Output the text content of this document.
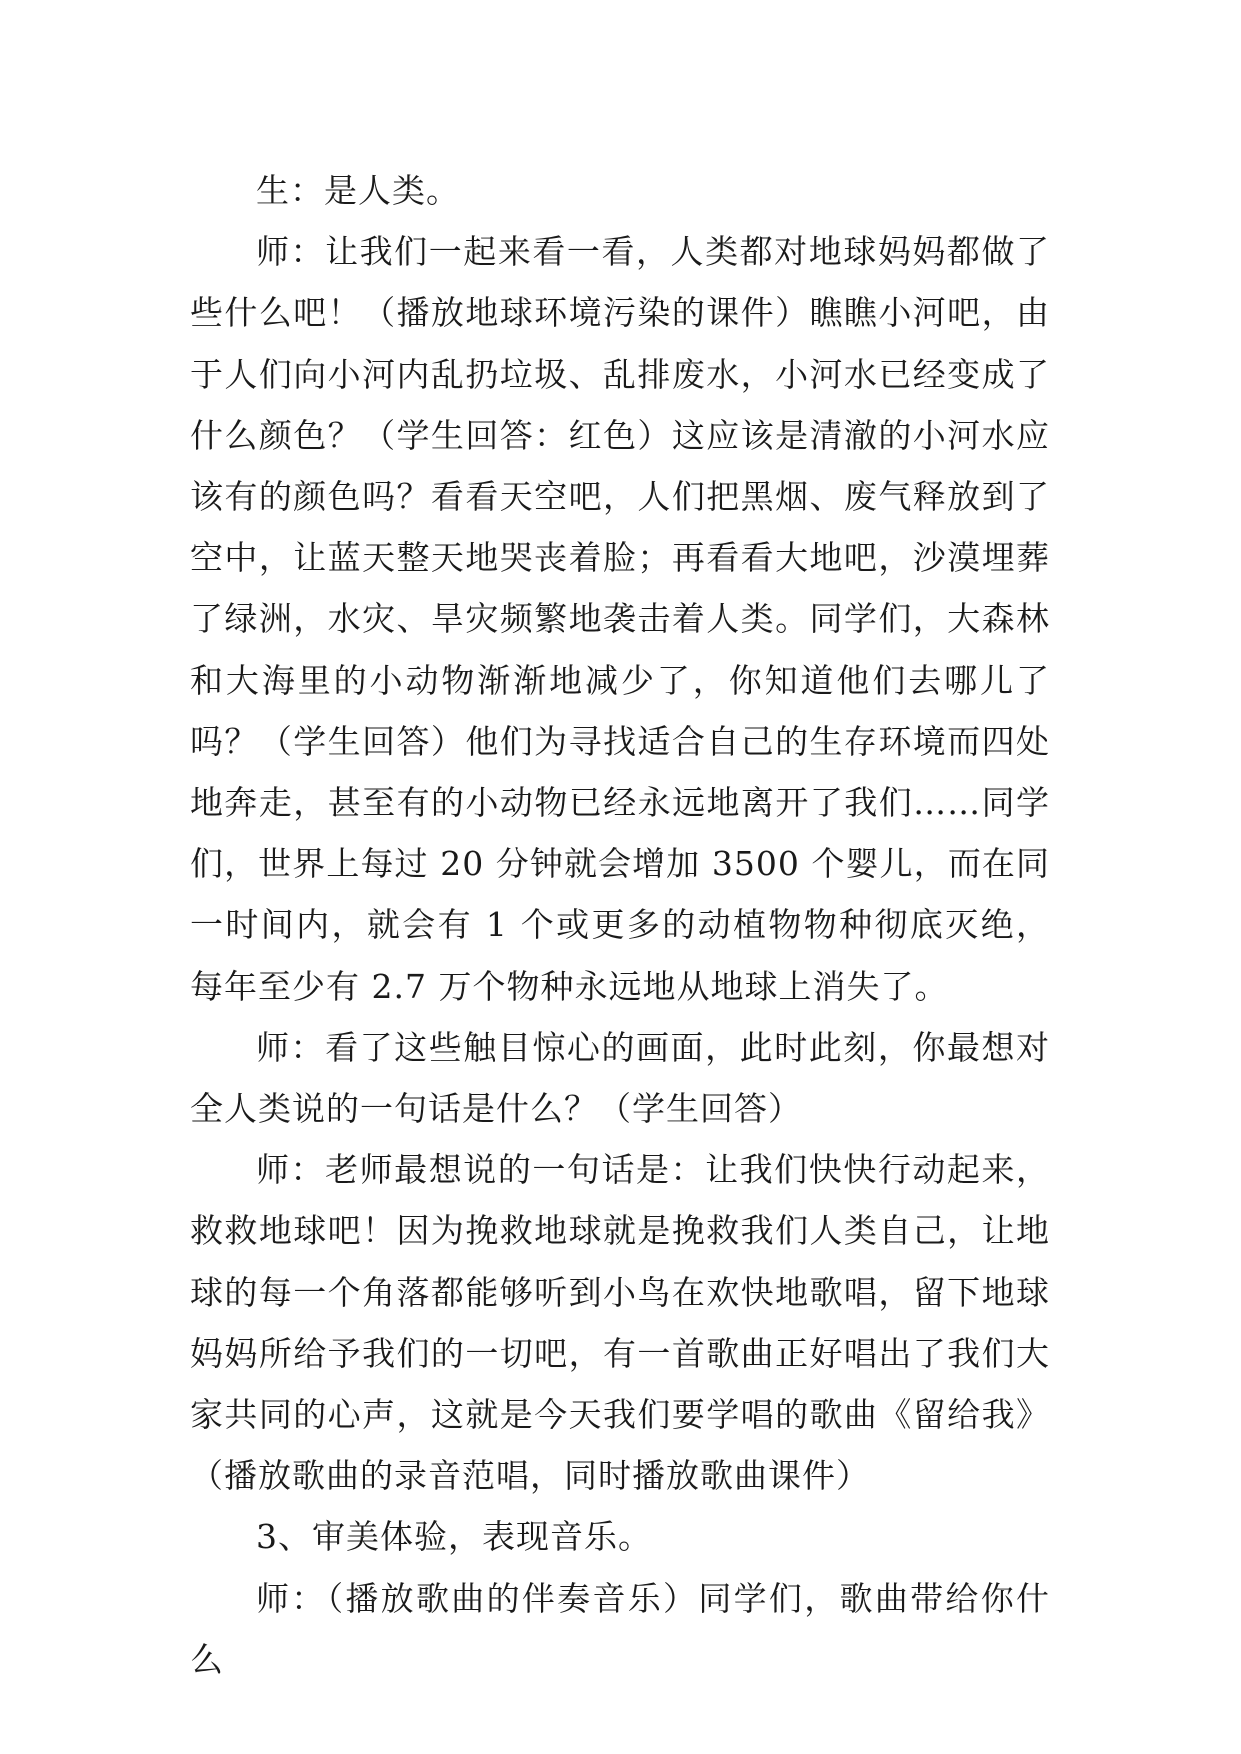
生：是人类。

师：让我们一起来看一看，人类都对地球妈妈都做了些什么吧！（播放地球环境污染的课件）瞧瞧小河吧，由于人们向小河内乱扔垃圾、乱排废水，小河水已经变成了什么颜色？（学生回答：红色）这应该是清澈的小河水应该有的颜色吗？看看天空吧，人们把黑烟、废气释放到了空中，让蓝天整天地哭丧着脸；再看看大地吧，沙漠埋葬了绿洲，水灾、旱灾频繁地袭击着人类。同学们，大森林和大海里的小动物渐渐地减少了，你知道他们去哪儿了吗？（学生回答）他们为寻找适合自己的生存环境而四处地奔走，甚至有的小动物已经永远地离开了我们……同学们，世界上每过 20 分钟就会增加 3500 个婴儿，而在同一时间内，就会有 1 个或更多的动植物物种彻底灭绝，每年至少有 2.7 万个物种永远地从地球上消失了。

师：看了这些触目惊心的画面，此时此刻，你最想对全人类说的一句话是什么？（学生回答）

师：老师最想说的一句话是：让我们快快行动起来，救救地球吧！因为挽救地球就是挽救我们人类自己，让地球的每一个角落都能够听到小鸟在欢快地歌唱，留下地球妈妈所给予我们的一切吧，有一首歌曲正好唱出了我们大家共同的心声，这就是今天我们要学唱的歌曲《留给我》（播放歌曲的录音范唱，同时播放歌曲课件）

3、审美体验，表现音乐。

师：（播放歌曲的伴奏音乐）同学们，歌曲带给你什么
